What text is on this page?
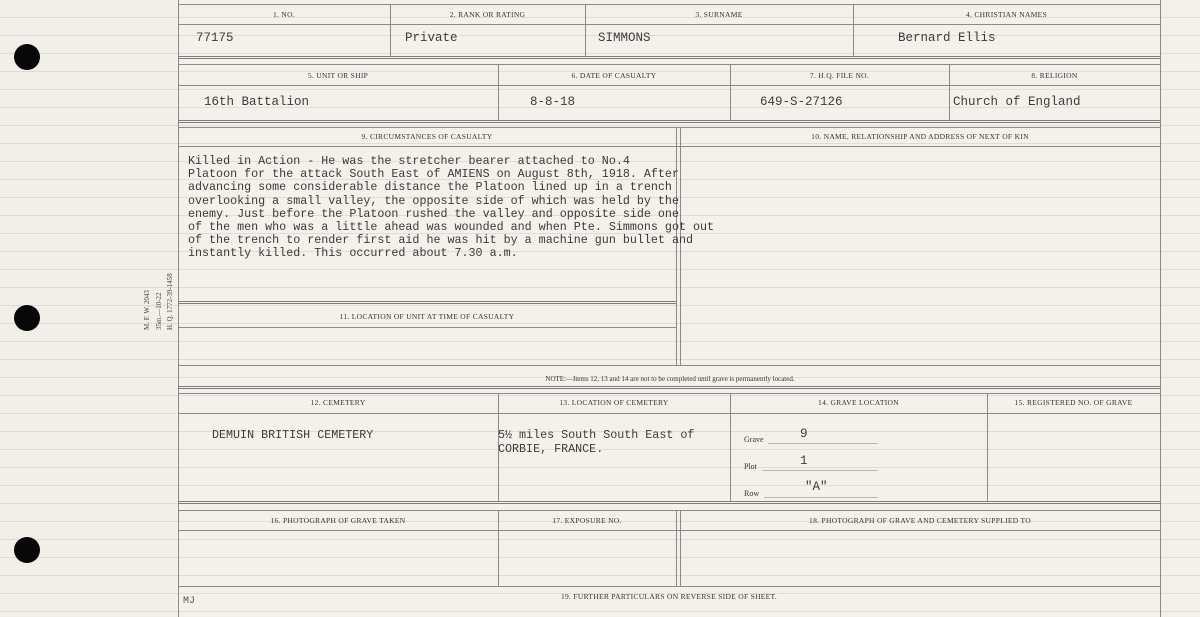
M. F. W. 2043 35m.—10-22 H. Q. 1772-39-1458
1. NO.	2. RANK OR RATING	3. SURNAME	4. CHRISTIAN NAMES
77175	Private	SIMMONS	Bernard Ellis
5. UNIT OR SHIP	6. DATE OF CASUALTY	7. H.Q. FILE NO.	8. RELIGION
16th Battalion	8-8-18	649-S-27126	Church of England
9. CIRCUMSTANCES OF CASUALTY	10. NAME, RELATIONSHIP AND ADDRESS OF NEXT OF KIN
Killed in Action - He was the stretcher bearer attached to No.4
Platoon for the attack South East of AMIENS on August 8th, 1918. After
advancing some considerable distance the Platoon lined up in a trench
overlooking a small valley, the opposite side of which was held by the
enemy. Just before the Platoon rushed the valley and opposite side one
of the men who was a little ahead was wounded and when Pte. Simmons got out
of the trench to render first aid he was hit by a machine gun bullet and
instantly killed. This occurred about 7.30 a.m.
11. LOCATION OF UNIT AT TIME OF CASUALTY
NOTE:—Items 12, 13 and 14 are not to be completed until grave is permanently located.
12. CEMETERY	13. LOCATION OF CEMETERY	14. GRAVE LOCATION	15. REGISTERED NO. OF GRAVE
DEMUIN BRITISH CEMETERY	5½ miles South South East of
CORBIE, FRANCE.
Grave	9
Plot	1
Row	"A"
16. PHOTOGRAPH OF GRAVE TAKEN	17. EXPOSURE NO.	18. PHOTOGRAPH OF GRAVE AND CEMETERY SUPPLIED TO
19. FURTHER PARTICULARS ON REVERSE SIDE OF SHEET.
MJ
